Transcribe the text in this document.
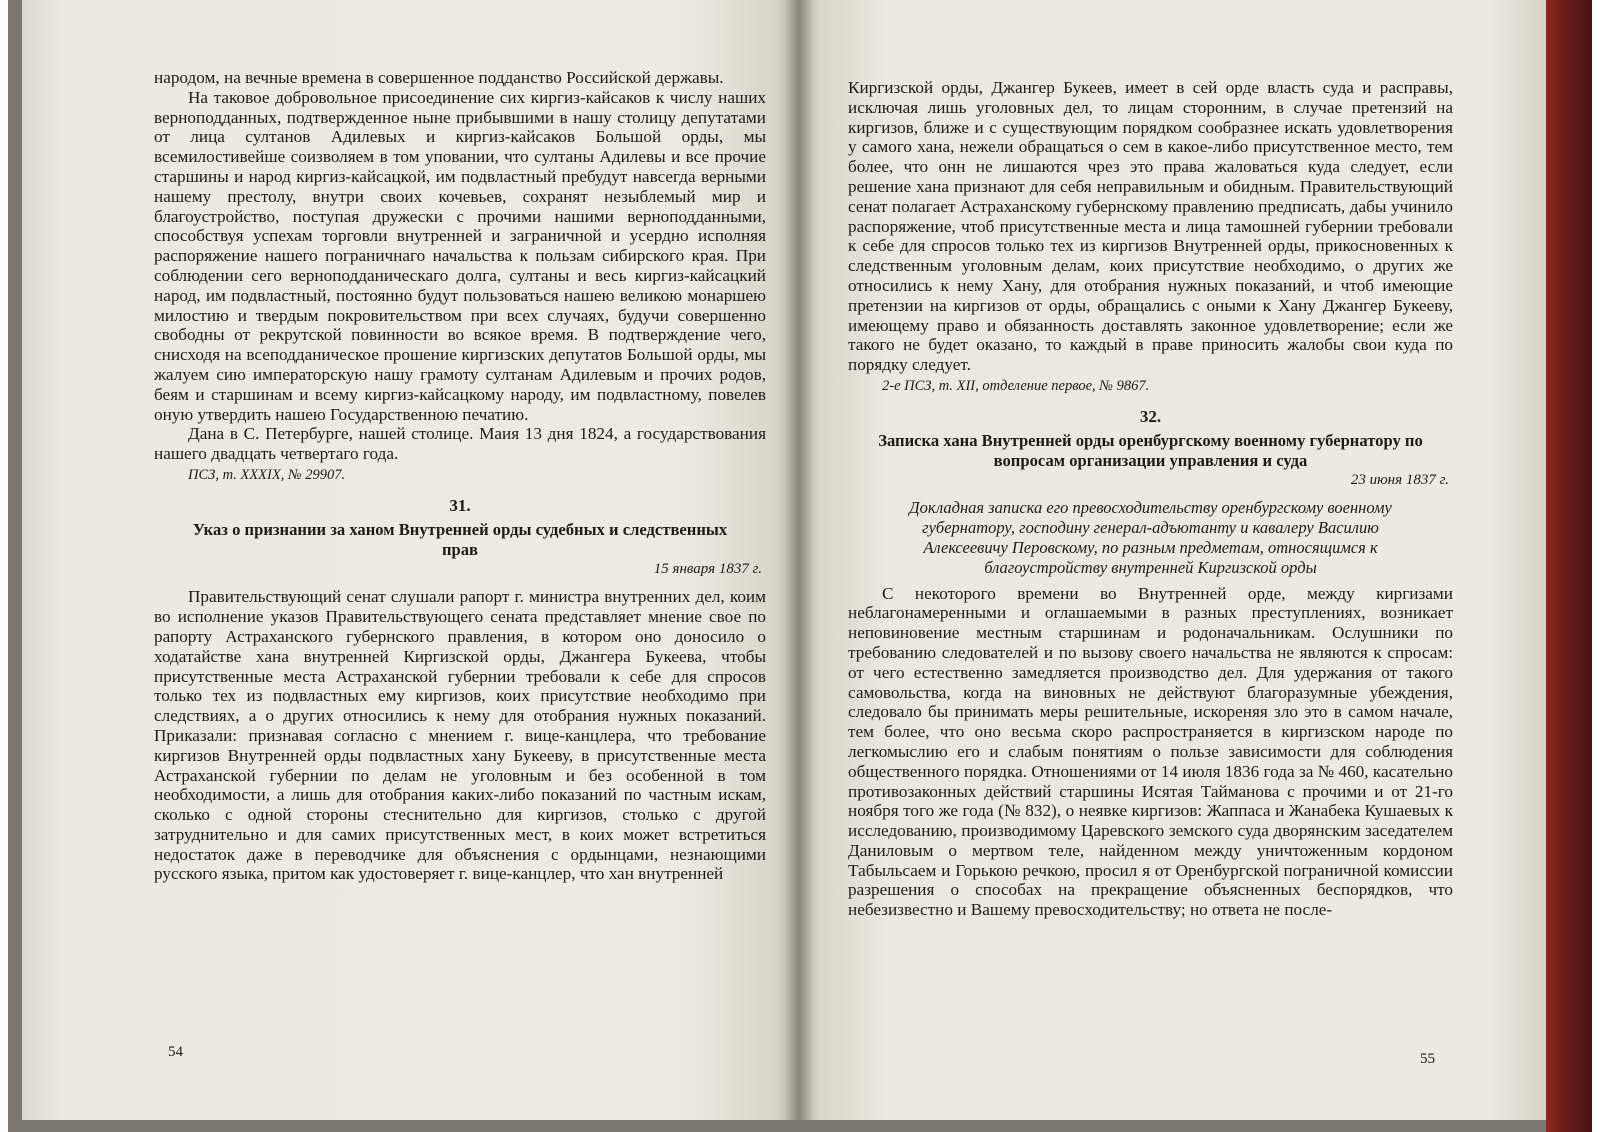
народом, на вечные времена в совершенное подданство Российской державы.

На таковое добровольное присоединение сих киргиз-кайсаков к числу наших верноподданных, подтвержденное ныне прибывшими в нашу столицу депутатами от лица султанов Адилевых и киргиз-кайсаков Большой орды, мы всемилостивейше соизволяем в том уповании, что султаны Адилевы и все прочие старшины и народ киргиз-кайсацкой, им подвластный пребудут навсегда верными нашему престолу, внутри своих кочевьев, сохранят незыблемый мир и благоустройство, поступая дружески с прочими нашими верноподданными, способствуя успехам торговли внутренней и заграничной и усердно исполняя распоряжение нашего пограничнаго начальства к пользам сибирского края. При соблюдении сего верноподданическаго долга, султаны и весь киргиз-кайсацкий народ, им подвластный, постоянно будут пользоваться нашею великою монаршею милостию и твердым покровительством при всех случаях, будучи совершенно свободны от рекрутской повинности во всякое время. В подтверждение чего, снисходя на всеподданическое прошение киргизских депутатов Большой орды, мы жалуем сию императорскую нашу грамоту султанам Адилевым и прочих родов, беям и старшинам и всему киргиз-кайсацкому народу, им подвластному, повелев оную утвердить нашею Государственною печатию.

Дана в С. Петербурге, нашей столице. Маия 13 дня 1824, а государствования нашего двадцать четвертаго года.

ПСЗ, т. XXXIX, № 29907.
31.
Указ о признании за ханом Внутренней орды судебных и следственных прав
15 января 1837 г.

Правительствующий сенат слушали рапорт г. министра внутренних дел, коим во исполнение указов Правительствующего сената представляет мнение свое по рапорту Астраханского губернского правления, в котором оно доносило о ходатайстве хана внутренней Киргизской орды, Джангера Букеева, чтобы присутственные места Астраханской губернии требовали к себе для спросов только тех из подвластных ему киргизов, коих присутствие необходимо при следствиях, а о других относились к нему для отобрания нужных показаний. Приказали: признавая согласно с мнением г. вице-канцлера, что требование киргизов Внутренней орды подвластных хану Букееву, в присутственные места Астраханской губернии по делам не уголовным и без особенной в том необходимости, а лишь для отобрания каких-либо показаний по частным искам, сколько с одной стороны стеснительно для киргизов, столько с другой затруднительно и для самих присутственных мест, в коих может встретиться недостаток даже в переводчике для объяснения с ордынцами, незнающими русского языка, притом как удостоверяет г. вице-канцлер, что хан внутренней

54

Киргизской орды, Джангер Букеев, имеет в сей орде власть суда и расправы, исключая лишь уголовных дел, то лицам сторонним, в случае претензий на киргизов, ближе и с существующим порядком сообразнее искать удовлетворения у самого хана, нежели обращаться о сем в какое-либо присутственное место, тем более, что онн не лишаются чрез это права жаловаться куда следует, если решение хана признают для себя неправильным и обидным. Правительствующий сенат полагает Астраханскому губернскому правлению предписать, дабы учинило распоряжение, чтоб присутственные места и лица тамошней губернии требовали к себе для спросов только тех из киргизов Внутренней орды, прикосновенных к следственным уголовным делам, коих присутствие необходимо, о других же относились к нему Хану, для отобрания нужных показаний, и чтоб имеющие претензии на киргизов от орды, обращались с оными к Хану Джангер Букееву, имеющему право и обязанность доставлять законное удовлетворение; если же такого не будет оказано, то каждый в праве приносить жалобы свои куда по порядку следует.

2-е ПСЗ, т. XII, отделение первое, № 9867.
32.
Записка хана Внутренней орды оренбургскому военному губернатору по вопросам организации управления и суда
23 июня 1837 г.
Докладная записка его превосходительству оренбургскому военному губернатору, господину генерал-адъютанту и кавалеру Василию Алексеевичу Перовскому, по разным предметам, относящимся к благоустройству внутренней Киргизской орды

С некоторого времени во Внутренней орде, между киргизами неблагонамеренными и оглашаемыми в разных преступлениях, возникает неповиновение местным старшинам и родоначальникам. Ослушники по требованию следователей и по вызову своего начальства не являются к спросам: от чего естественно замедляется производство дел. Для удержания от такого самовольства, когда на виновных не действуют благоразумные убеждения, следовало бы принимать меры решительные, искореняя зло это в самом начале, тем более, что оно весьма скоро распространяется в киргизском народе по легкомыслию его и слабым понятиям о пользе зависимости для соблюдения общественного порядка. Отношениями от 14 июля 1836 года за № 460, касательно противозаконных действий старшины Исятая Тайманова с прочими и от 21-го ноября того же года (№ 832), о неявке киргизов: Жаппаса и Жанабека Кушаевых к исследованию, производимому Царевского земского суда дворянским заседателем Даниловым о мертвом теле, найденном между уничтоженным кордоном Табыльсаем и Горькою речкою, просил я от Оренбургской пограничной комиссии разрешения о способах на прекращение объясненных беспорядков, что небезизвестно и Вашему превосходительству; но ответа не после-

55
